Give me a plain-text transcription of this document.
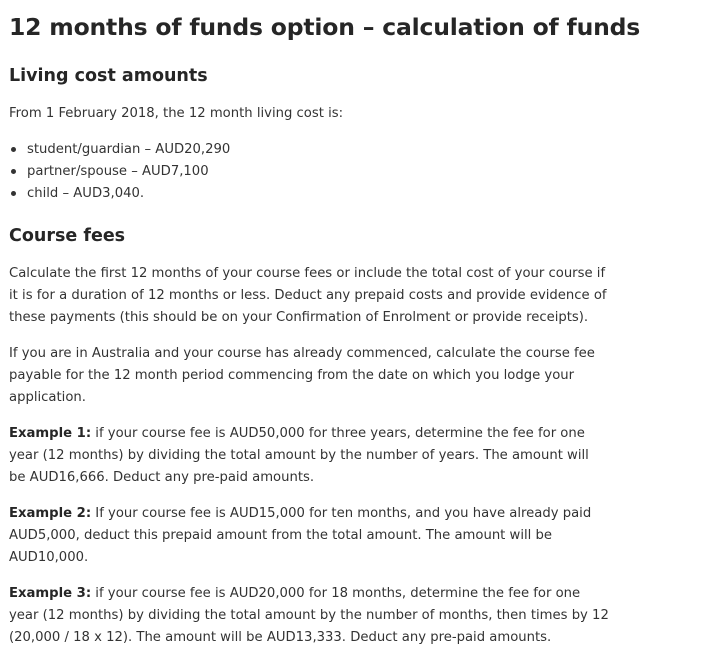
12 months of funds option – calculation of funds
Living cost amounts

From 1 February 2018, the 12 month living cost is:

student/guardian – AUD20,290
partner/spouse – AUD7,100
child – AUD3,040.
Course fees

Calculate the first 12 months of your course fees or include the total cost of your course if it is for a duration of 12 months or less. Deduct any prepaid costs and provide evidence of these payments (this should be on your Confirmation of Enrolment or provide receipts).

If you are in Australia and your course has already commenced, calculate the course fee payable for the 12 month period commencing from the date on which you lodge your application.

Example 1: if your course fee is AUD50,000 for three years, determine the fee for one year (12 months) by dividing the total amount by the number of years. The amount will be AUD16,666. Deduct any pre-paid amounts.

Example 2: If your course fee is AUD15,000 for ten months, and you have already paid AUD5,000, deduct this prepaid amount from the total amount. The amount will be AUD10,000.

Example 3: if your course fee is AUD20,000 for 18 months, determine the fee for one year (12 months) by dividing the total amount by the number of months, then times by 12 (20,000 / 18 x 12). The amount will be AUD13,333. Deduct any pre-paid amounts.
